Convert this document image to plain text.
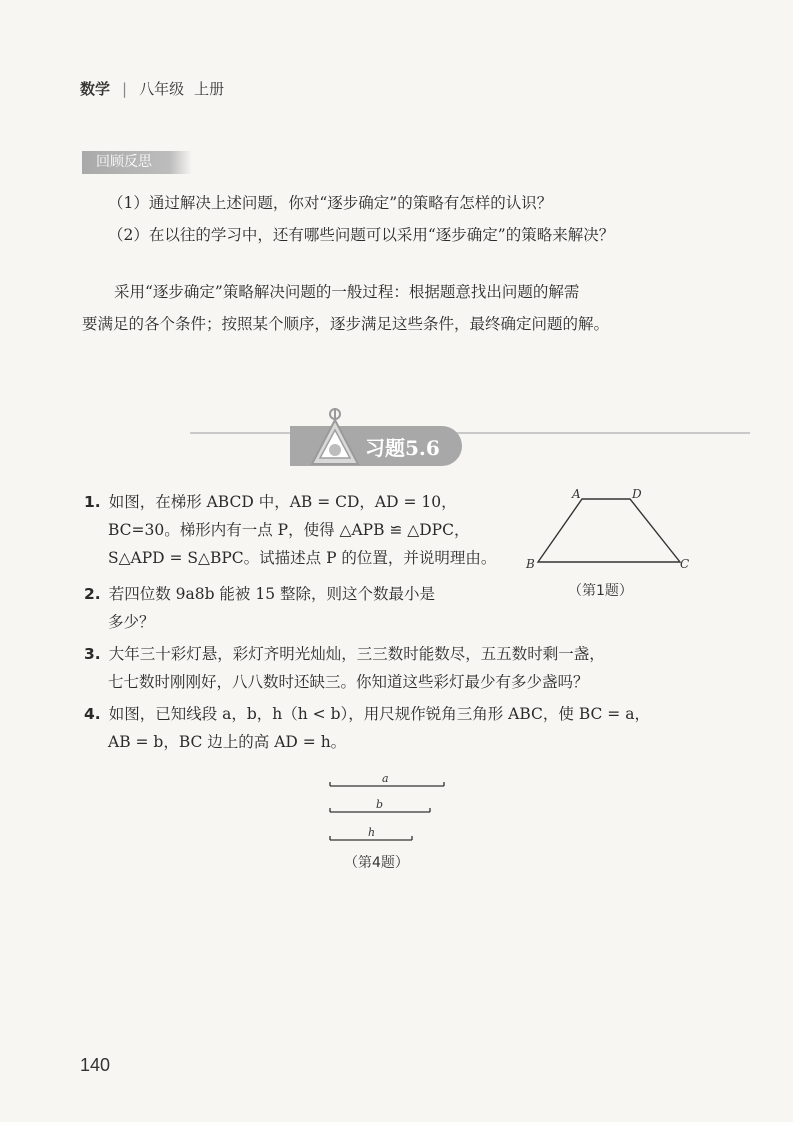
数学 | 八年级 上册
回顾反思
（1）通过解决上述问题，你对“逐步确定”的策略有怎样的认识？
（2）在以往的学习中，还有哪些问题可以采用“逐步确定”的策略来解决？
采用“逐步确定”策略解决问题的一般过程：根据题意找出问题的解需
要满足的各个条件；按照某个顺序，逐步满足这些条件，最终确定问题的解。
习题5.6
1. 如图，在梯形 ABCD 中，AB = CD，AD = 10，
BC=30。梯形内有一点 P，使得 △APB ≌ △DPC，
S△APD = S△BPC。试描述点 P 的位置，并说明理由。
A	D
B	C
（第1题）
2. 若四位数 9a8b 能被 15 整除，则这个数最小是
多少？
3. 大年三十彩灯悬，彩灯齐明光灿灿，三三数时能数尽，五五数时剩一盏，
七七数时刚刚好，八八数时还缺三。你知道这些彩灯最少有多少盏吗？
4. 如图，已知线段 a，b，h（h < b），用尺规作锐角三角形 ABC，使 BC = a，
AB = b，BC 边上的高 AD = h。
a
b
h
（第4题）
140
